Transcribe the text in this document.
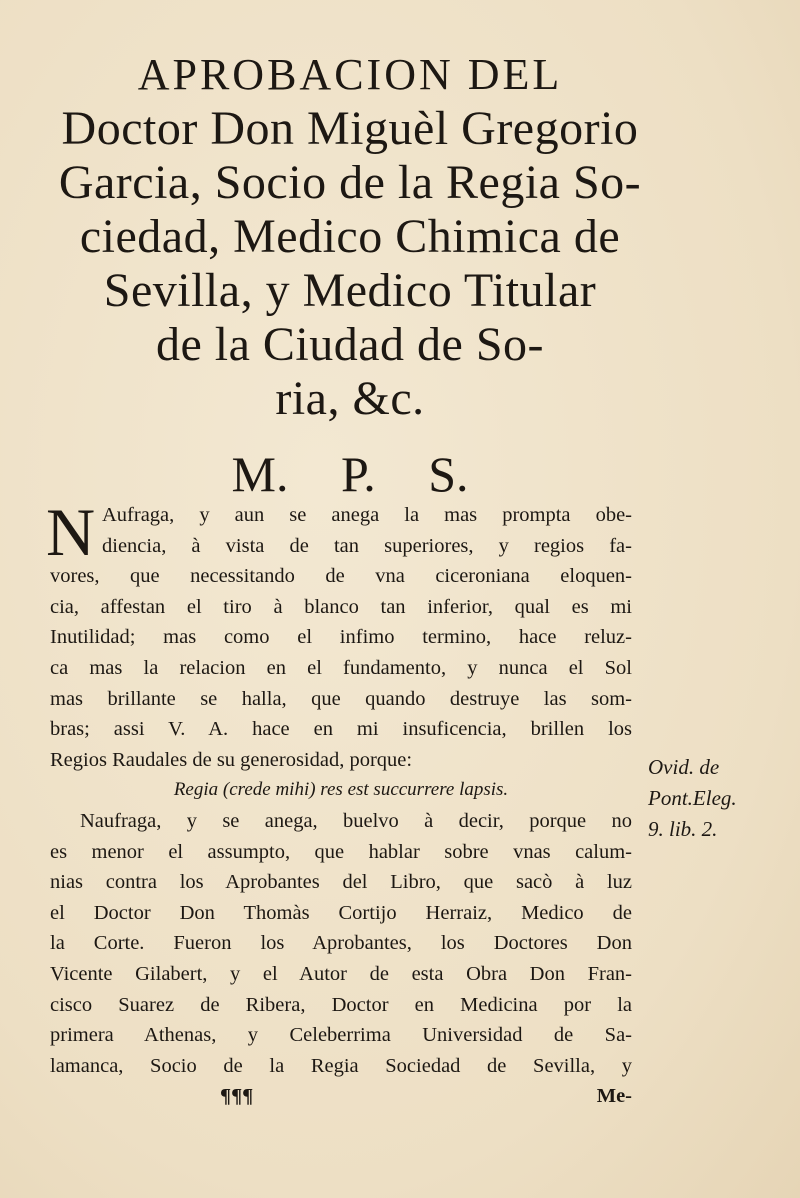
APROBACION DEL
Doctor Don Miguèl Gregorio
Garcia, Socio de la Regia So-
ciedad, Medico Chimica de
Sevilla, y Medico Titular
de la Ciudad de So-
ria, &c.
M. P. S.
N Aufraga, y aun se anega la mas prompta obe-
diencia, à vista de tan superiores, y regios fa-
vores, que necessitando de vna ciceroniana eloquen-
cia, affestan el tiro à blanco tan inferior, qual es mi
Inutilidad; mas como el infimo termino, hace reluz-
ca mas la relacion en el fundamento, y nunca el Sol
mas brillante se halla, que quando destruye las som-
bras; assi V. A. hace en mi insuficencia, brillen los
Regios Raudales de su generosidad, porque:
Regia (crede mihi) res est succurrere lapsis.
Naufraga, y se anega, buelvo à decir, porque no
es menor el assumpto, que hablar sobre vnas calum-
nias contra los Aprobantes del Libro, que sacò à luz
el Doctor Don Thomàs Cortijo Herraiz, Medico de
la Corte. Fueron los Aprobantes, los Doctores Don
Vicente Gilabert, y el Autor de esta Obra Don Fran-
cisco Suarez de Ribera, Doctor en Medicina por la
primera Athenas, y Celeberrima Universidad de Sa-
lamanca, Socio de la Regia Sociedad de Sevilla, y
¶¶¶	Me-
Ovid. de
Pont.Eleg.
9. lib. 2.
